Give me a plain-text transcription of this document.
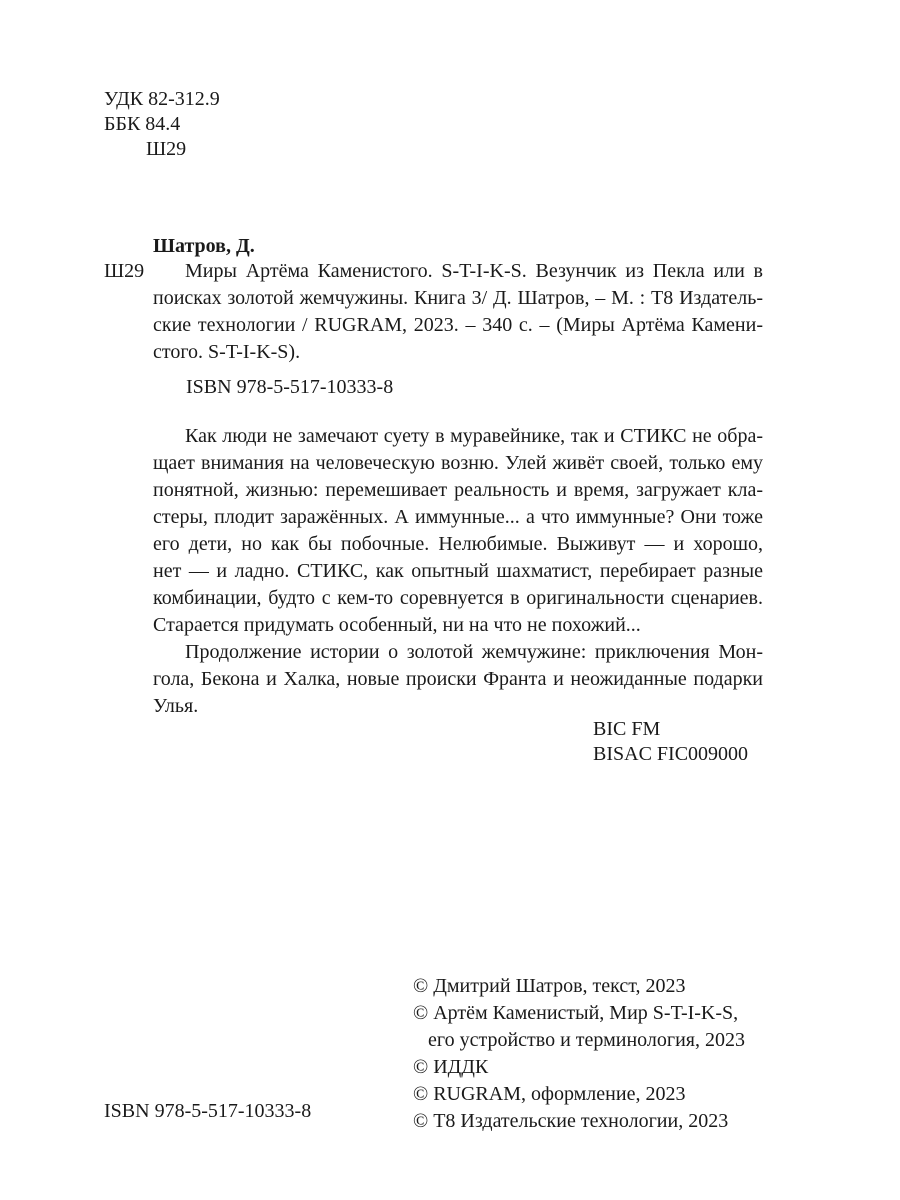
УДК 82-312.9
ББК 84.4
Ш29
Шатров, Д.
Ш29	Миры Артёма Каменистого. S-T-I-K-S. Везунчик из Пекла или в
поисках золотой жемчужины. Книга 3/ Д. Шатров, – М. : Т8 Издатель-
ские технологии / RUGRAM, 2023. – 340 с. – (Миры Артёма Камени-
стого. S-T-I-K-S).
ISBN 978-5-517-10333-8
Как люди не замечают суету в муравейнике, так и СТИКС не обра-
щает внимания на человеческую возню. Улей живёт своей, только ему
понятной, жизнью: перемешивает реальность и время, загружает кла-
стеры, плодит заражённых. А иммунные... а что иммунные? Они тоже
его дети, но как бы побочные. Нелюбимые. Выживут — и хорошо,
нет — и ладно. СТИКС, как опытный шахматист, перебирает разные
комбинации, будто с кем-то соревнуется в оригинальности сценариев.
Старается придумать особенный, ни на что не похожий...
Продолжение истории о золотой жемчужине: приключения Мон-
гола, Бекона и Халка, новые происки Франта и неожиданные подарки
Улья.
BIC FM
BISAC FIC009000
© Дмитрий Шатров, текст, 2023
© Артём Каменистый, Мир S-T-I-K-S,
его устройство и терминология, 2023
© ИДДК
© RUGRAM, оформление, 2023
© Т8 Издательские технологии, 2023
ISBN 978-5-517-10333-8
